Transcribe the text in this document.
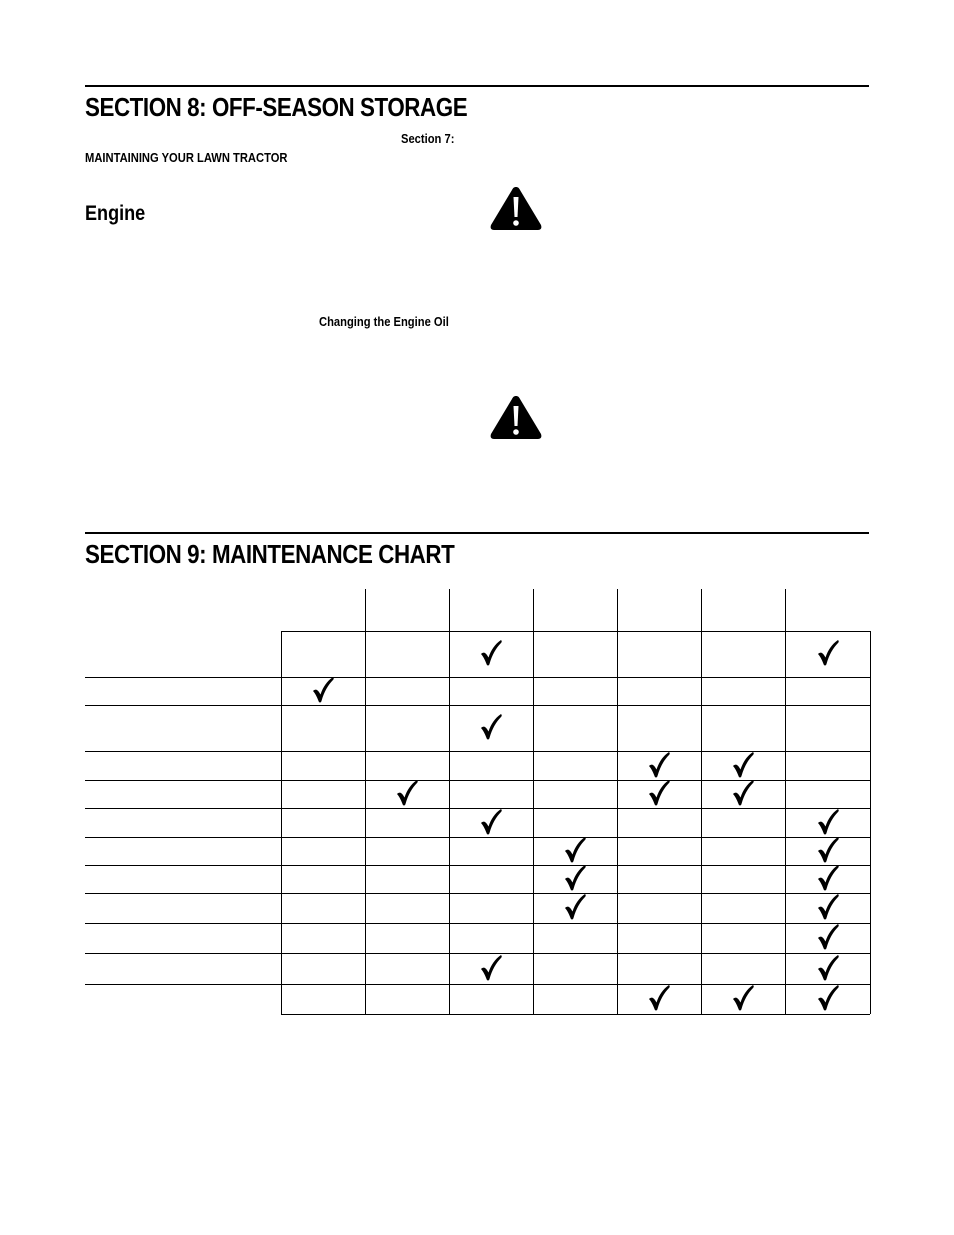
SECTION 8: OFF-SEASON STORAGE
Section 7:
MAINTAINING YOUR LAWN TRACTOR
Engine
Changing the Engine Oil
SECTION 9: MAINTENANCE CHART
